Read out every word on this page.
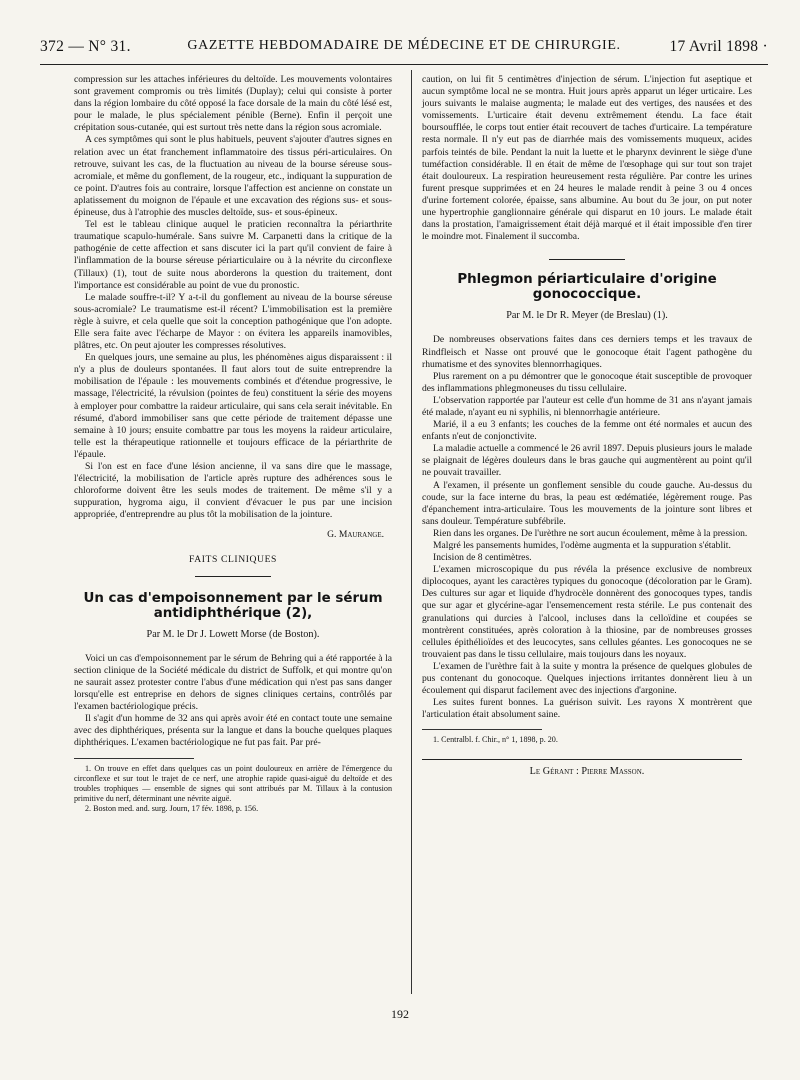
372 — N° 31.	GAZETTE HEBDOMADAIRE DE MÉDECINE ET DE CHIRURGIE.	17 Avril 1898 ·

compression sur les attaches inférieures du deltoïde. Les mouvements volontaires sont gravement compromis ou très limités (Duplay); celui qui consiste à porter dans la région lombaire du côté opposé la face dorsale de la main du côté lésé est, pour le malade, le plus spécialement pénible (Berne). Enfin il perçoit une crépitation sous-cutanée, qui est surtout très nette dans la région sous acromiale.

A ces symptômes qui sont le plus habituels, peuvent s'ajouter d'autres signes en relation avec un état franchement inflammatoire des tissus péri-articulaires. On retrouve, suivant les cas, de la fluctuation au niveau de la bourse séreuse sous-acromiale, et même du gonflement, de la rougeur, etc., indiquant la suppuration de ce point. D'autres fois au contraire, lorsque l'affection est ancienne on constate un aplatissement du moignon de l'épaule et une excavation des régions sus- et sous-épineuse, dus à l'atrophie des muscles deltoïde, sus- et sous-épineux.

Tel est le tableau clinique auquel le praticien reconnaîtra la périarthrite traumatique scapulo-humérale. Sans suivre M. Carpanetti dans la critique de la pathogénie de cette affection et sans discuter ici la part qu'il convient de faire à l'inflammation de la bourse séreuse périarticulaire ou à la névrite du circonflexe (Tillaux) (1), tout de suite nous aborderons la question du traitement, dont l'importance est considérable au point de vue du pronostic.

Le malade souffre-t-il? Y a-t-il du gonflement au niveau de la bourse séreuse sous-acromiale? Le traumatisme est-il récent? L'immobilisation est la première règle à suivre, et cela quelle que soit la conception pathogénique que l'on adopte. Elle sera faite avec l'écharpe de Mayor : on évitera les appareils inamovibles, plâtres, etc. On peut ajouter les compresses résolutives.

En quelques jours, une semaine au plus, les phénomènes aigus disparaissent : il n'y a plus de douleurs spontanées. Il faut alors tout de suite entreprendre la mobilisation de l'épaule : les mouvements combinés et d'étendue progressive, le massage, l'électricité, la révulsion (pointes de feu) constituent la série des moyens à employer pour combattre la raideur articulaire, qui sans cela serait inévitable. En résumé, d'abord immobiliser sans que cette période de traitement dépasse une semaine à 10 jours; ensuite combattre par tous les moyens la raideur articulaire, telle est la thérapeutique rationnelle et toujours efficace de la périarthrite de l'épaule.

Si l'on est en face d'une lésion ancienne, il va sans dire que le massage, l'électricité, la mobilisation de l'article après rupture des adhérences sous le chloroforme doivent être les seuls modes de traitement. De même s'il y a suppuration, hygroma aigu, il convient d'évacuer le pus par une incision appropriée, d'entreprendre au plus tôt la mobilisation de la jointure.

G. Maurange.
FAITS CLINIQUES
Un cas d'empoisonnement par le sérum antidiphthérique (2),
Par M. le Dr J. Lowett Morse (de Boston).

Voici un cas d'empoisonnement par le sérum de Behring qui a été rapportée à la section clinique de la Société médicale du district de Suffolk, et qui montre qu'on ne saurait assez protester contre l'abus d'une médication qui n'est pas sans danger lorsqu'elle est entreprise en dehors de signes cliniques certains, contrôlés par l'examen bactériologique précis.

Il s'agit d'un homme de 32 ans qui après avoir été en contact toute une semaine avec des diphthériques, présenta sur la langue et dans la bouche quelques plaques diphthériques. L'examen bactériologique ne fut pas fait. Par pré-

1. On trouve en effet dans quelques cas un point douloureux en arrière de l'émergence du circonflexe et sur tout le trajet de ce nerf, une atrophie rapide quasi-aiguë du deltoïde et des troubles trophiques — ensemble de signes qui sont attribués par M. Tillaux à la contusion primitive du nerf, déterminant une névrite aiguë.

2. Boston med. and. surg. Journ, 17 fév. 1898, p. 156.

caution, on lui fit 5 centimètres d'injection de sérum. L'injection fut aseptique et aucun symptôme local ne se montra. Huit jours après apparut un léger urticaire. Les jours suivants le malaise augmenta; le malade eut des vertiges, des nausées et des vomissements. L'urticaire était devenu extrêmement étendu. La face était boursoufflée, le corps tout entier était recouvert de taches d'urticaire. La température resta normale. Il n'y eut pas de diarrhée mais des vomissements muqueux, acides parfois teintés de bile. Pendant la nuit la luette et le pharynx devinrent le siège d'une tuméfaction considérable. Il en était de même de l'œsophage qui sur tout son trajet était douloureux. La respiration heureusement resta régulière. Par contre les urines furent presque supprimées et en 24 heures le malade rendit à peine 3 ou 4 onces d'urine fortement colorée, épaisse, sans albumine. Au bout du 3e jour, on put noter une hypertrophie ganglionnaire générale qui disparut en 10 jours. Le malade était dans la prostation, l'amaigrissement était déjà marqué et il était impossible d'en tirer le moindre mot. Finalement il succomba.

Phlegmon périarticulaire d'origine gonococcique.
Par M. le Dr R. Meyer (de Breslau) (1).

De nombreuses observations faites dans ces derniers temps et les travaux de Rindfleisch et Nasse ont prouvé que le gonocoque était l'agent pathogène du rhumatisme et des synovites blennorrhagiques.

Plus rarement on a pu démontrer que le gonocoque était susceptible de provoquer des inflammations phlegmoneuses du tissu cellulaire.

L'observation rapportée par l'auteur est celle d'un homme de 31 ans n'ayant jamais été malade, n'ayant eu ni syphilis, ni blennorrhagie antérieure.

Marié, il a eu 3 enfants; les couches de la femme ont été normales et aucun des enfants n'eut de conjonctivite.

La maladie actuelle a commencé le 26 avril 1897. Depuis plusieurs jours le malade se plaignait de légères douleurs dans le bras gauche qui augmentèrent au point qu'il ne pouvait travailler.

A l'examen, il présente un gonflement sensible du coude gauche. Au-dessus du coude, sur la face interne du bras, la peau est œdématiée, légèrement rouge. Pas d'épanchement intra-articulaire. Tous les mouvements de la jointure sont libres et sans douleur. Température subfébrile.

Rien dans les organes. De l'urèthre ne sort aucun écoulement, même à la pression.

Malgré les pansements humides, l'odème augmenta et la suppuration s'établit.

Incision de 8 centimètres.

L'examen microscopique du pus révéla la présence exclusive de nombreux diplocoques, ayant les caractères typiques du gonocoque (décoloration par le Gram). Des cultures sur agar et liquide d'hydrocèle donnèrent des gonocoques types, tandis que sur agar et glycérine-agar l'ensemencement resta stérile. Le pus contenait des granulations qui durcies à l'alcool, incluses dans la celloïdine et coupées se montrèrent constituées, après coloration à la thiosine, par de nombreuses grosses cellules épithélioïdes et des leucocytes, sans cellules géantes. Les gonocoques ne se trouvaient pas dans le tissu cellulaire, mais toujours dans les noyaux.

L'examen de l'urèthre fait à la suite y montra la présence de quelques globules de pus contenant du gonocoque. Quelques injections irritantes donnèrent lieu à un écoulement qui disparut facilement avec des injections d'argonine.

Les suites furent bonnes. La guérison suivit. Les rayons X montrèrent que l'articulation était absolument saine.

1. Centralbl. f. Chir., n° 1, 1898, p. 20.

Le Gérant : Pierre Masson.
192
